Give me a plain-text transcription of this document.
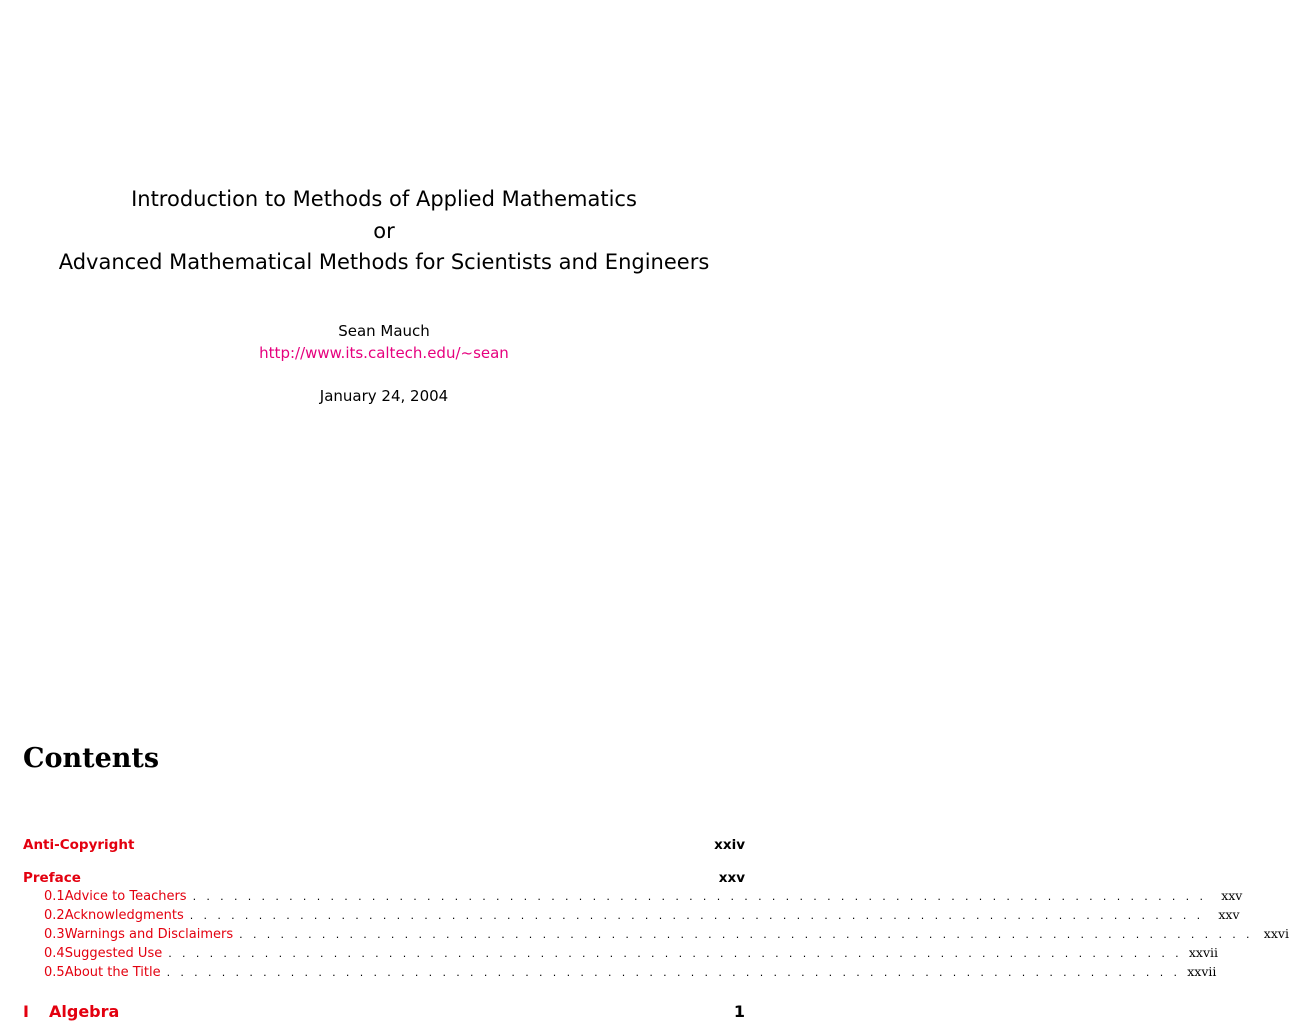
Introduction to Methods of Applied Mathematics
or
Advanced Mathematical Methods for Scientists and Engineers
Sean Mauch
http://www.its.caltech.edu/~sean
January 24, 2004
Contents
Anti-Copyright	xxiv
Preface	xxv
0.1 Advice to Teachers . . . . . . . . . . . . . . . . . . . . . . . . . . . . . . . . . . . . . . . . . . . . . . . . . . . . . . . . . . . . . . . . . . . . . . . . . .	xxv
0.2 Acknowledgments . . . . . . . . . . . . . . . . . . . . . . . . . . . . . . . . . . . . . . . . . . . . . . . . . . . . . . . . . . . . . . . . . . . . . . . . . .	xxv
0.3 Warnings and Disclaimers . . . . . . . . . . . . . . . . . . . . . . . . . . . . . . . . . . . . . . . . . . . . . . . . . . . . . . . . . . . . . . . . . . . . . . . . . . xxvi
0.4 Suggested Use . . . . . . . . . . . . . . . . . . . . . . . . . . . . . . . . . . . . . . . . . . . . . . . . . . . . . . . . . . . . . . . . . . . . . . . . . . xxvii
0.5 About the Title . . . . . . . . . . . . . . . . . . . . . . . . . . . . . . . . . . . . . . . . . . . . . . . . . . . . . . . . . . . . . . . . . . . . . . . . . . xxvii
I Algebra	1
